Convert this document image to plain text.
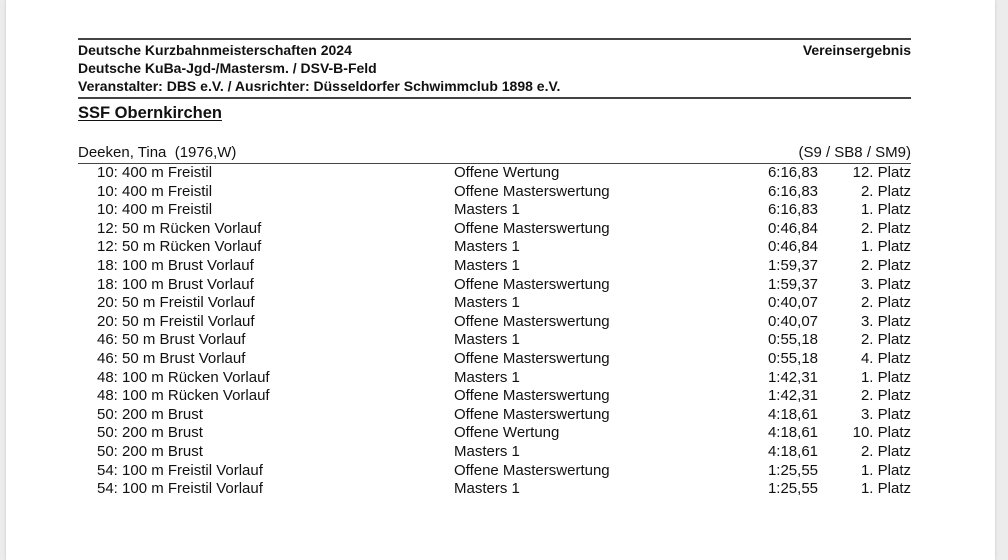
Deutsche Kurzbahnmeisterschaften 2024
Deutsche KuBa-Jgd-/Mastersm. / DSV-B-Feld
Veranstalter: DBS e.V. / Ausrichter: Düsseldorfer Schwimmclub 1898 e.V.
Vereinsergebnis
SSF Obernkirchen
Deeken, Tina  (1976,W)	(S9 / SB8 / SM9)
10: 400 m Freistil	Offene Wertung	6:16,83 12. Platz
10: 400 m Freistil	Offene Masterswertung	6:16,83	2. Platz
10: 400 m Freistil	Masters 1	6:16,83	1. Platz
12: 50 m Rücken Vorlauf	Offene Masterswertung	0:46,84	2. Platz
12: 50 m Rücken Vorlauf	Masters 1	0:46,84	1. Platz
18: 100 m Brust Vorlauf	Masters 1	1:59,37	2. Platz
18: 100 m Brust Vorlauf	Offene Masterswertung	1:59,37	3. Platz
20: 50 m Freistil Vorlauf	Masters 1	0:40,07	2. Platz
20: 50 m Freistil Vorlauf	Offene Masterswertung	0:40,07	3. Platz
46: 50 m Brust Vorlauf	Masters 1	0:55,18	2. Platz
46: 50 m Brust Vorlauf	Offene Masterswertung	0:55,18	4. Platz
48: 100 m Rücken Vorlauf	Masters 1	1:42,31	1. Platz
48: 100 m Rücken Vorlauf	Offene Masterswertung	1:42,31	2. Platz
50: 200 m Brust	Offene Masterswertung	4:18,61	3. Platz
50: 200 m Brust	Offene Wertung	4:18,61 10. Platz
50: 200 m Brust	Masters 1	4:18,61	2. Platz
54: 100 m Freistil Vorlauf	Offene Masterswertung	1:25,55	1. Platz
54: 100 m Freistil Vorlauf	Masters 1	1:25,55	1. Platz
